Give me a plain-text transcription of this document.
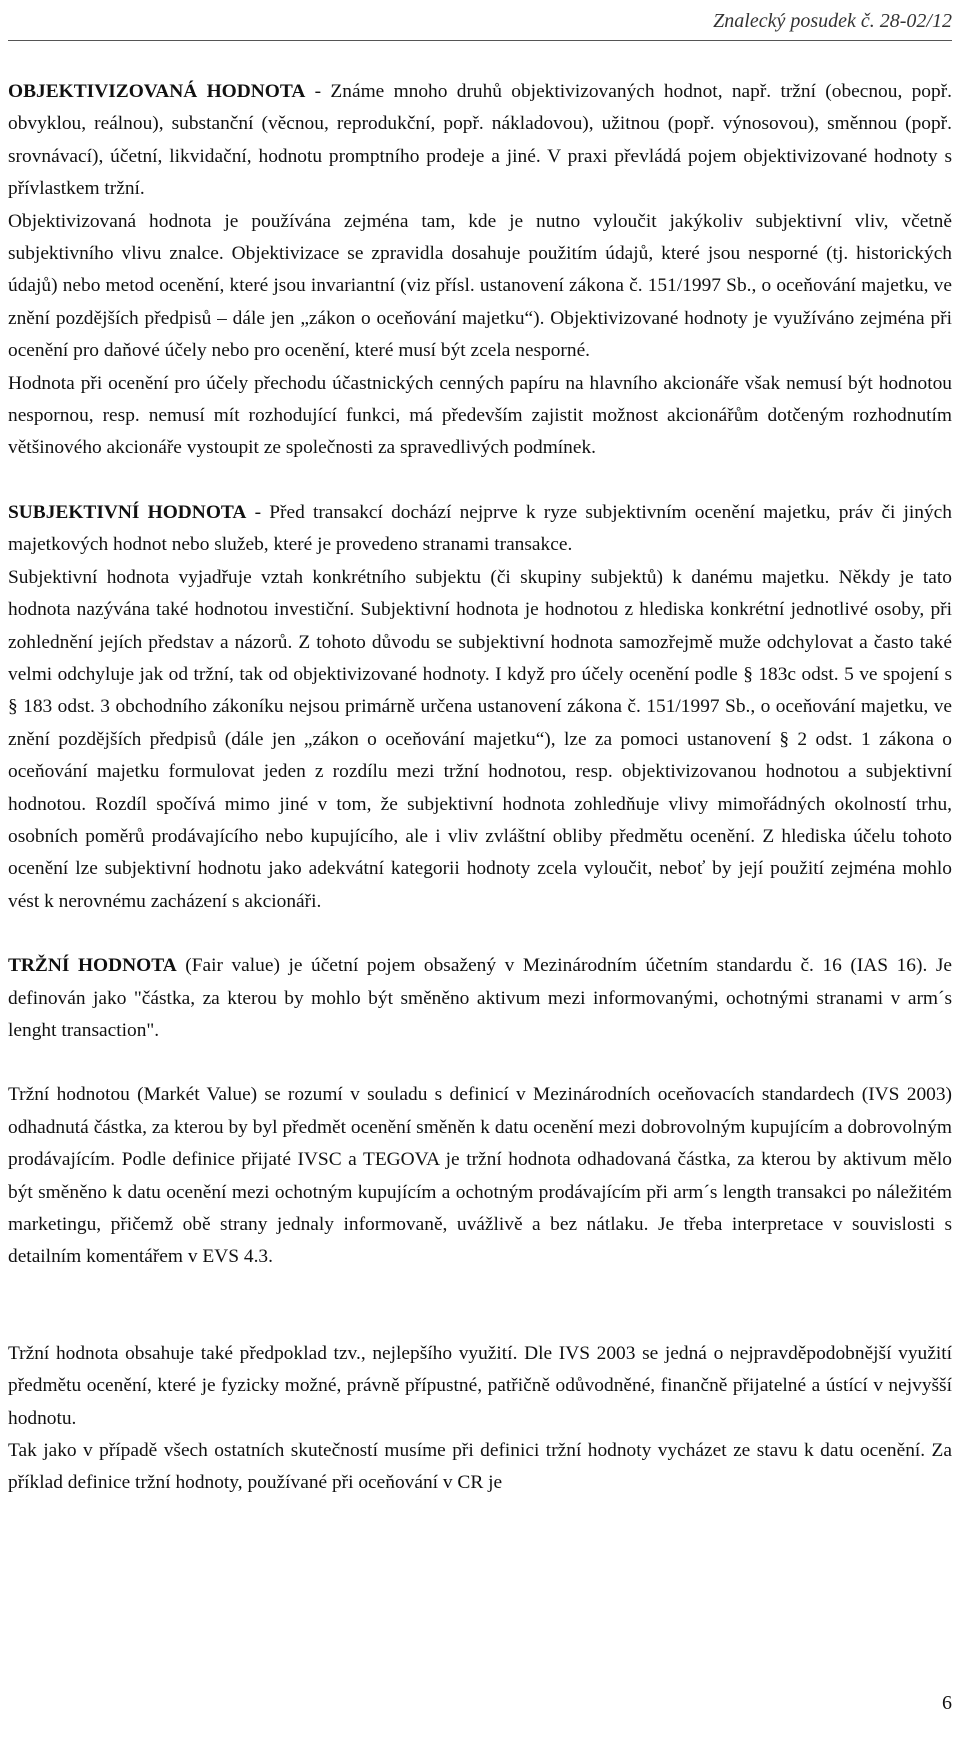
Znalecký posudek č. 28-02/12

OBJEKTIVIZOVANÁ HODNOTA - Známe mnoho druhů objektivizovaných hodnot, např. tržní (obecnou, popř. obvyklou, reálnou), substanční (věcnou, reprodukční, popř. nákladovou), užitnou (popř. výnosovou), směnnou (popř. srovnávací), účetní, likvidační, hodnotu promptního prodeje a jiné. V praxi převládá pojem objektivizované hodnoty s přívlastkem tržní.

Objektivizovaná hodnota je používána zejména tam, kde je nutno vyloučit jakýkoliv subjektivní vliv, včetně subjektivního vlivu znalce. Objektivizace se zpravidla dosahuje použitím údajů, které jsou nesporné (tj. historických údajů) nebo metod ocenění, které jsou invariantní (viz přísl. ustanovení zákona č. 151/1997 Sb., o oceňování majetku, ve znění pozdějších předpisů – dále jen „zákon o oceňování majetku“). Objektivizované hodnoty je využíváno zejména při ocenění pro daňové účely nebo pro ocenění, které musí být zcela nesporné.

Hodnota při ocenění pro účely přechodu účastnických cenných papíru na hlavního akcionáře však nemusí být hodnotou nespornou, resp. nemusí mít rozhodující funkci, má především zajistit možnost akcionářům dotčeným rozhodnutím většinového akcionáře vystoupit ze společnosti za spravedlivých podmínek.

SUBJEKTIVNÍ HODNOTA - Před transakcí dochází nejprve k ryze subjektivním ocenění majetku, práv či jiných majetkových hodnot nebo služeb, které je provedeno stranami transakce.

Subjektivní hodnota vyjadřuje vztah konkrétního subjektu (či skupiny subjektů) k danému majetku. Někdy je tato hodnota nazývána také hodnotou investiční. Subjektivní hodnota je hodnotou z hlediska konkrétní jednotlivé osoby, při zohlednění jejích představ a názorů. Z tohoto důvodu se subjektivní hodnota samozřejmě muže odchylovat a často také velmi odchyluje jak od tržní, tak od objektivizované hodnoty. I když pro účely ocenění podle § 183c odst. 5 ve spojení s § 183 odst. 3 obchodního zákoníku nejsou primárně určena ustanovení zákona č. 151/1997 Sb., o oceňování majetku, ve znění pozdějších předpisů (dále jen „zákon o oceňování majetku“), lze za pomoci ustanovení § 2 odst. 1 zákona o oceňování majetku formulovat jeden z rozdílu mezi tržní hodnotou, resp. objektivizovanou hodnotou a subjektivní hodnotou. Rozdíl spočívá mimo jiné v tom, že subjektivní hodnota zohledňuje vlivy mimořádných okolností trhu, osobních poměrů prodávajícího nebo kupujícího, ale i vliv zvláštní obliby předmětu ocenění. Z hlediska účelu tohoto ocenění lze subjektivní hodnotu jako adekvátní kategorii hodnoty zcela vyloučit, neboť by její použití zejména mohlo vést k nerovnému zacházení s akcionáři.

TRŽNÍ HODNOTA (Fair value) je účetní pojem obsažený v Mezinárodním účetním standardu č. 16 (IAS 16). Je definován jako "částka, za kterou by mohlo být směněno aktivum mezi informovanými, ochotnými stranami v arm´s lenght transaction".

Tržní hodnotou (Markét Value) se rozumí v souladu s definicí v Mezinárodních oceňovacích standardech (IVS 2003) odhadnutá částka, za kterou by byl předmět ocenění směněn k datu ocenění mezi dobrovolným kupujícím a dobrovolným prodávajícím. Podle definice přijaté IVSC a TEGOVA je tržní hodnota odhadovaná částka, za kterou by aktivum mělo být směněno k datu ocenění mezi ochotným kupujícím a ochotným prodávajícím při arm´s length transakci po náležitém marketingu, přičemž obě strany jednaly informovaně, uvážlivě a bez nátlaku. Je třeba interpretace v souvislosti s detailním komentářem v EVS 4.3.

Tržní hodnota obsahuje také předpoklad tzv., nejlepšího využití. Dle IVS 2003 se jedná o nejpravděpodobnější využití předmětu ocenění, které je fyzicky možné, právně přípustné, patřičně odůvodněné, finančně přijatelné a ústící v nejvyšší hodnotu.

Tak jako v případě všech ostatních skutečností musíme při definici tržní hodnoty vycházet ze stavu k datu ocenění. Za příklad definice tržní hodnoty, používané při oceňování v CR je

6
